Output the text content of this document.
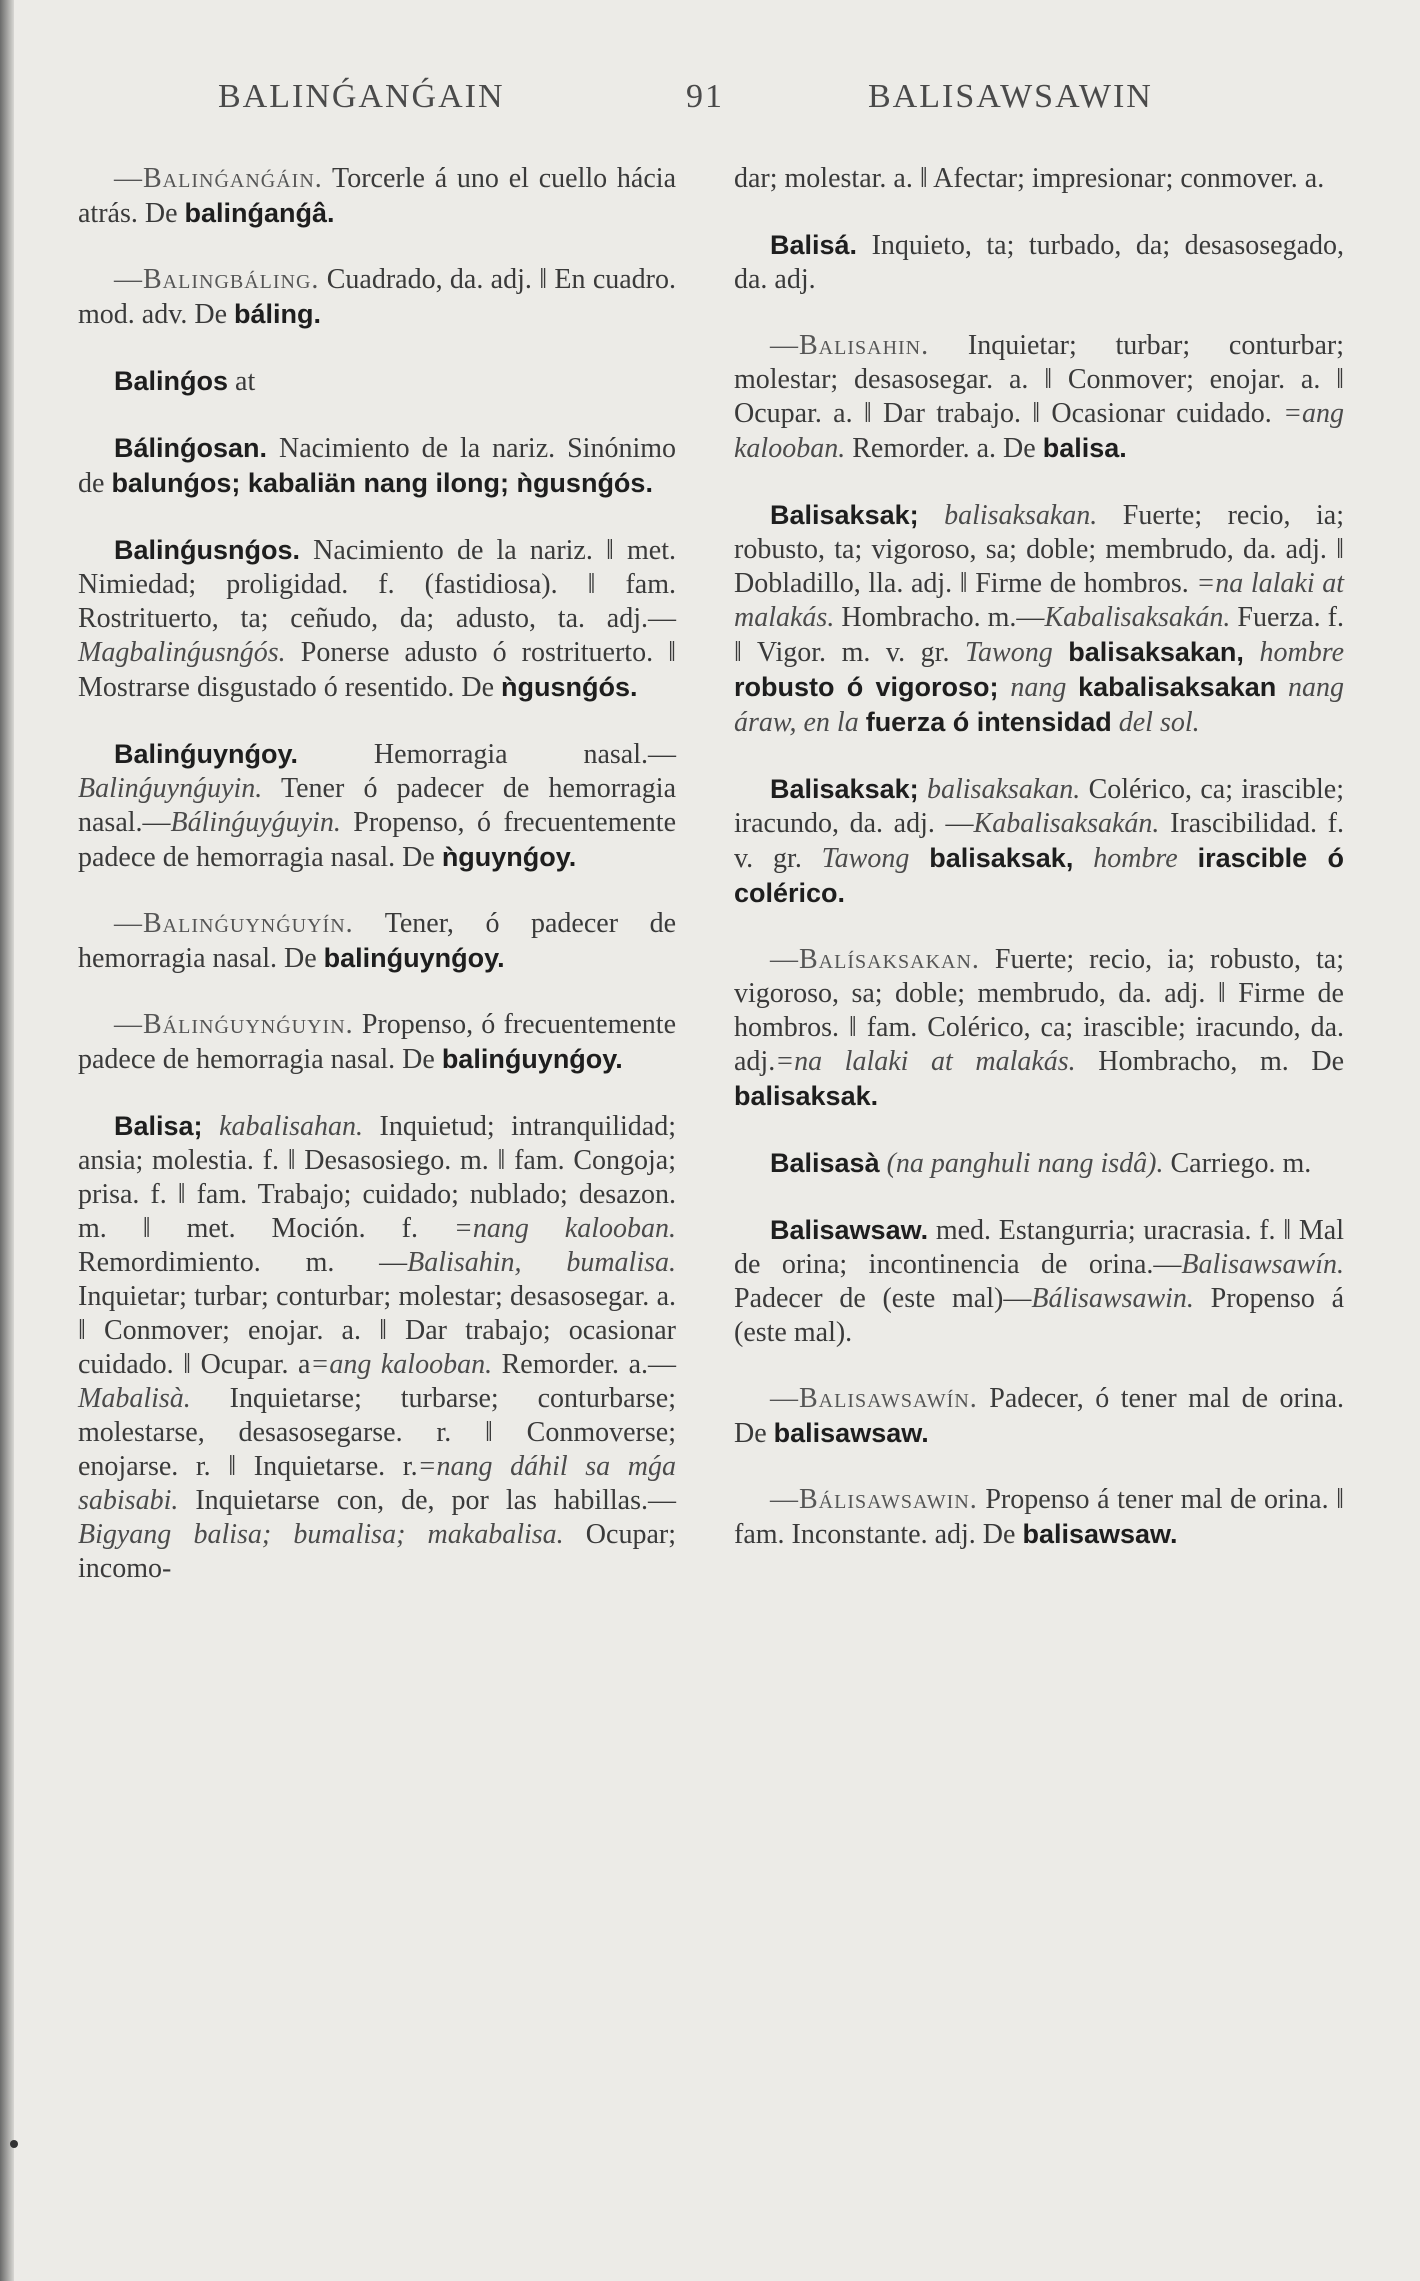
BALINǴANǴAIN	91	BALISAWSAWIN

—Balinǵanǵáin. Torcerle á uno el cuello hácia atrás. De balinǵanǵâ.

—Balingbáling. Cuadrado, da. adj. ‖ En cuadro. mod. adv. De báling.

Balinǵos at

Bálinǵosan. Nacimiento de la nariz. Sinónimo de balunǵos; kabaliän nang ilong; ǹgusnǵós.

Balinǵusnǵos. Nacimiento de la nariz. ‖ met. Nimiedad; proligidad. f. (fastidiosa). ‖ fam. Rostrituerto, ta; ceñudo, da; adusto, ta. adj.—Magbalinǵusnǵós. Ponerse adusto ó rostrituerto. ‖ Mostrarse disgustado ó resentido. De ǹgusnǵós.

Balinǵuynǵoy. Hemorragia nasal.—Balinǵuynǵuyin. Tener ó padecer de hemorragia nasal.—Bálinǵuyǵuyin. Propenso, ó frecuentemente padece de hemorragia nasal. De ǹguynǵoy.

—Balinǵuynǵuyín. Tener, ó padecer de hemorragia nasal. De balinǵuynǵoy.

—Bálinǵuynǵuyin. Propenso, ó frecuentemente padece de hemorragia nasal. De balinǵuynǵoy.

Balisa; kabalisahan. Inquietud; intranquilidad; ansia; molestia. f. ‖ Desasosiego. m. ‖ fam. Congoja; prisa. f. ‖ fam. Trabajo; cuidado; nublado; desazon. m. ‖ met. Moción. f. =nang kalooban. Remordimiento. m. —Balisahin, bumalisa. Inquietar; turbar; conturbar; molestar; desasosegar. a. ‖ Conmover; enojar. a. ‖ Dar trabajo; ocasionar cuidado. ‖ Ocupar. a=ang kalooban. Remorder. a.—Mabalisà. Inquietarse; turbarse; conturbarse; molestarse, desasosegarse. r. ‖ Conmoverse; enojarse. r. ‖ Inquietarse. r.=nang dáhil sa mǵa sabisabi. Inquietarse con, de, por las habillas.—Bigyang balisa; bumalisa; makabalisa. Ocupar; incomo-

dar; molestar. a. ‖ Afectar; impresionar; conmover. a.

Balisá. Inquieto, ta; turbado, da; desasosegado, da. adj.

—Balisahin. Inquietar; turbar; conturbar; molestar; desasosegar. a. ‖ Conmover; enojar. a. ‖ Ocupar. a. ‖ Dar trabajo. ‖ Ocasionar cuidado. =ang kalooban. Remorder. a. De balisa.

Balisaksak; balisaksakan. Fuerte; recio, ia; robusto, ta; vigoroso, sa; doble; membrudo, da. adj. ‖ Dobladillo, lla. adj. ‖ Firme de hombros. =na lalaki at malakás. Hombracho. m.—Kabalisaksakán. Fuerza. f. ‖ Vigor. m. v. gr. Tawong balisaksakan, hombre robusto ó vigoroso; nang kabalisaksakan nang áraw, en la fuerza ó intensidad del sol.

Balisaksak; balisaksakan. Colérico, ca; irascible; iracundo, da. adj. —Kabalisaksakán. Irascibilidad. f. v. gr. Tawong balisaksak, hombre irascible ó colérico.

—Balísaksakan. Fuerte; recio, ia; robusto, ta; vigoroso, sa; doble; membrudo, da. adj. ‖ Firme de hombros. ‖ fam. Colérico, ca; irascible; iracundo, da. adj.=na lalaki at malakás. Hombracho, m. De balisaksak.

Balisasà (na panghuli nang isdâ). Carriego. m.

Balisawsaw. med. Estangurria; uracrasia. f. ‖ Mal de orina; incontinencia de orina.—Balisawsawín. Padecer de (este mal)—Bálisawsawin. Propenso á (este mal).

—Balisawsawín. Padecer, ó tener mal de orina. De balisawsaw.

—Bálisawsawin. Propenso á tener mal de orina. ‖ fam. Inconstante. adj. De balisawsaw.
